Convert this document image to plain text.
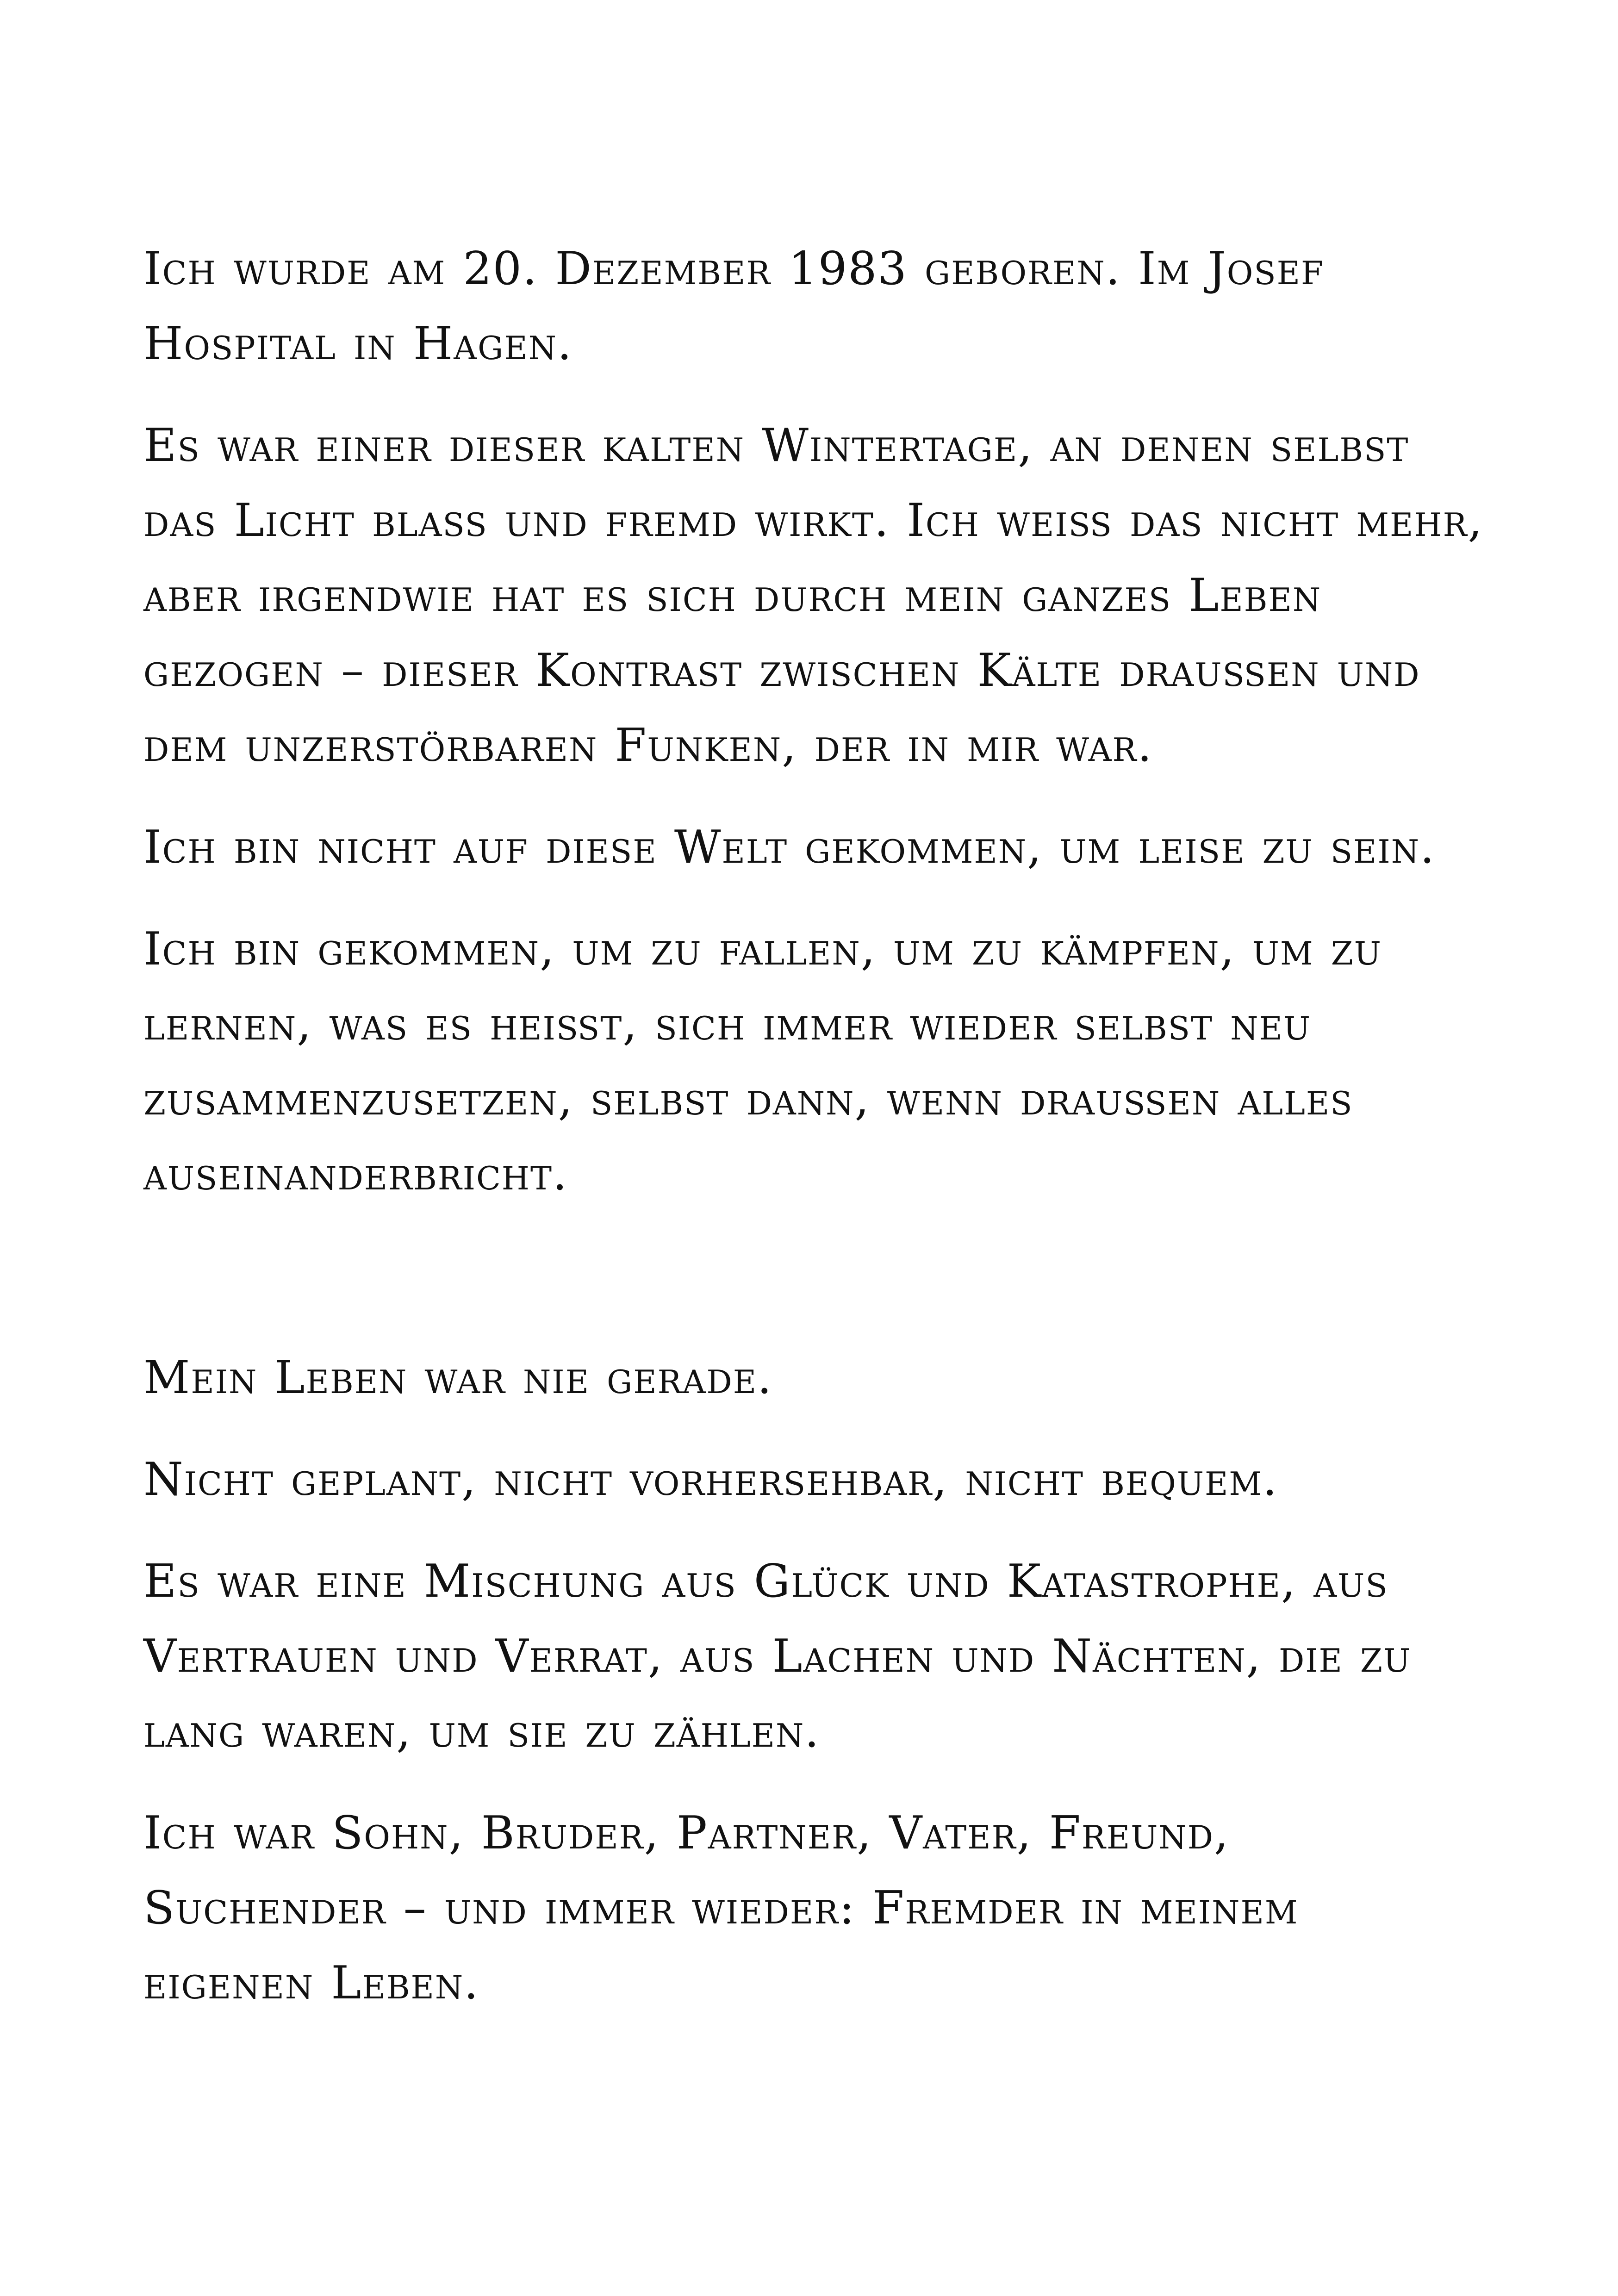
Ich wurde am 20. Dezember 1983 geboren. Im Josef Hospital in Hagen.

Es war einer dieser kalten Wintertage, an denen selbst das Licht blass und fremd wirkt. Ich weiß das nicht mehr, aber irgendwie hat es sich durch mein ganzes Leben gezogen – dieser Kontrast zwischen Kälte draußen und dem unzerstörbaren Funken, der in mir war.

Ich bin nicht auf diese Welt gekommen, um leise zu sein.

Ich bin gekommen, um zu fallen, um zu kämpfen, um zu lernen, was es heißt, sich immer wieder selbst neu zusammenzusetzen, selbst dann, wenn draußen alles auseinanderbricht.

Mein Leben war nie gerade.

Nicht geplant, nicht vorhersehbar, nicht bequem.

Es war eine Mischung aus Glück und Katastrophe, aus Vertrauen und Verrat, aus Lachen und Nächten, die zu lang waren, um sie zu zählen.

Ich war Sohn, Bruder, Partner, Vater, Freund, Suchender – und immer wieder: Fremder in meinem eigenen Leben.
